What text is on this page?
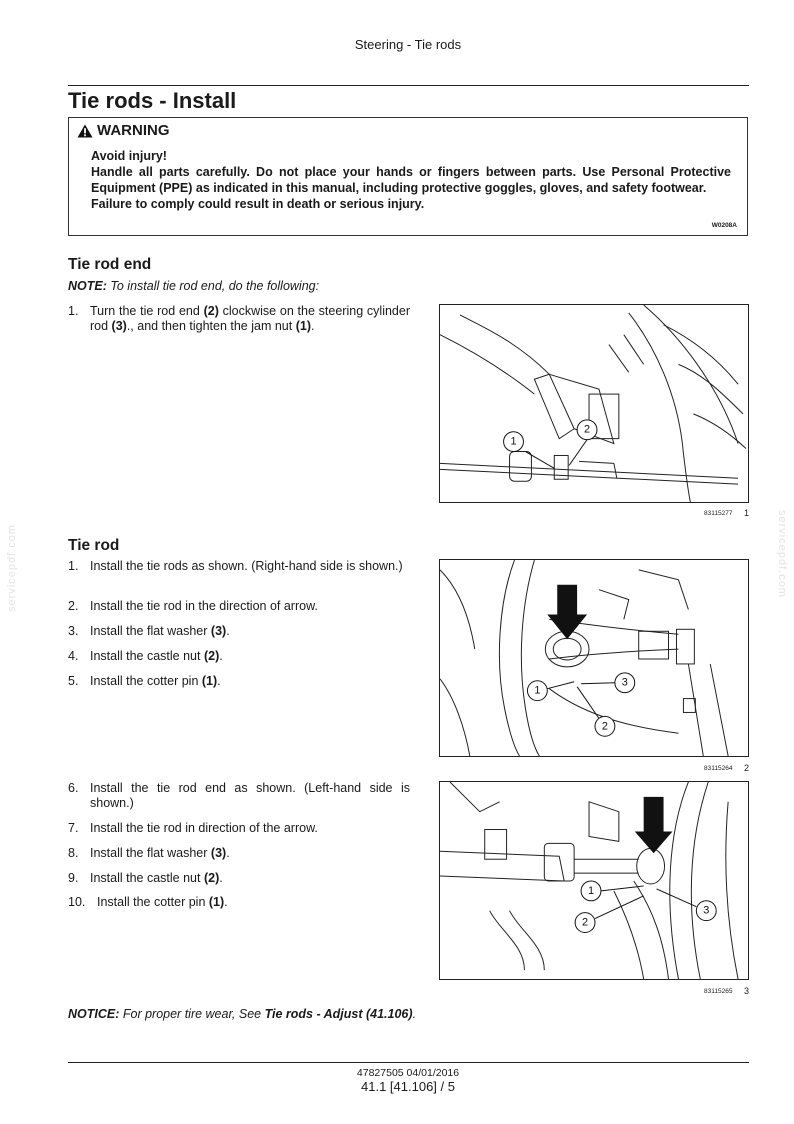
Steering - Tie rods
Tie rods - Install
WARNING
Avoid injury!
Handle all parts carefully. Do not place your hands or fingers between parts. Use Personal Protective Equipment (PPE) as indicated in this manual, including protective goggles, gloves, and safety footwear.
Failure to comply could result in death or serious injury.
W0208A
Tie rod end
NOTE: To install tie rod end, do the following:
1. Turn the tie rod end (2) clockwise on the steering cylinder rod (3)., and then tighten the jam nut (1).
1
2
83115277 1
servicepdf.com	servicepdf.com
Tie rod
1. Install the tie rods as shown. (Right-hand side is shown.)
2. Install the tie rod in the direction of arrow.
3. Install the flat washer (3).
4. Install the castle nut (2).
5. Install the cotter pin (1).
1
2
3
83115264 2
6. Install the tie rod end as shown. (Left-hand side is shown.)
7. Install the tie rod in direction of the arrow.
8. Install the flat washer (3).
9. Install the castle nut (2).
10. Install the cotter pin (1).
1
2
3
83115265 3
NOTICE: For proper tire wear, See Tie rods - Adjust (41.106).
47827505 04/01/2016
41.1 [41.106] / 5
